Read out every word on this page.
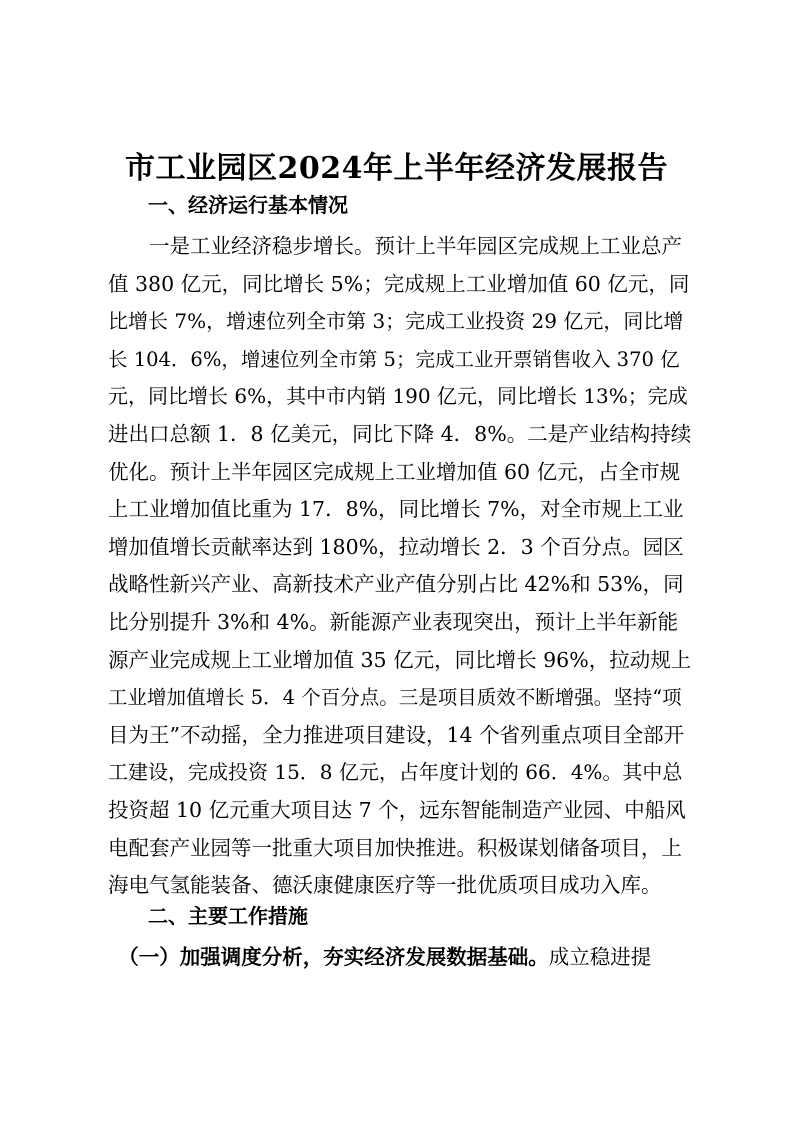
市工业园区2024年上半年经济发展报告
一、经济运行基本情况
　　一是工业经济稳步增长。预计上半年园区完成规上工业总产
值 380 亿元，同比增长 5%；完成规上工业增加值 60 亿元，同
比增长 7%，增速位列全市第 3；完成工业投资 29 亿元，同比增
长 104．6%，增速位列全市第 5；完成工业开票销售收入 370 亿
元，同比增长 6%，其中市内销 190 亿元，同比增长 13%；完成
进出口总额 1．8 亿美元，同比下降 4．8%。二是产业结构持续
优化。预计上半年园区完成规上工业增加值 60 亿元，占全市规
上工业增加值比重为 17．8%，同比增长 7%，对全市规上工业
增加值增长贡献率达到 180%，拉动增长 2．3 个百分点。园区
战略性新兴产业、高新技术产业产值分别占比 42%和 53%，同
比分别提升 3%和 4%。新能源产业表现突出，预计上半年新能
源产业完成规上工业增加值 35 亿元，同比增长 96%，拉动规上
工业增加值增长 5．4 个百分点。三是项目质效不断增强。坚持“项
目为王”不动摇，全力推进项目建设，14 个省列重点项目全部开
工建设，完成投资 15．8 亿元，占年度计划的 66．4%。其中总
投资超 10 亿元重大项目达 7 个，远东智能制造产业园、中船风
电配套产业园等一批重大项目加快推进。积极谋划储备项目，上
海电气氢能装备、德沃康健康医疗等一批优质项目成功入库。
二、主要工作措施
　（一）加强调度分析，夯实经济发展数据基础。成立稳进提
